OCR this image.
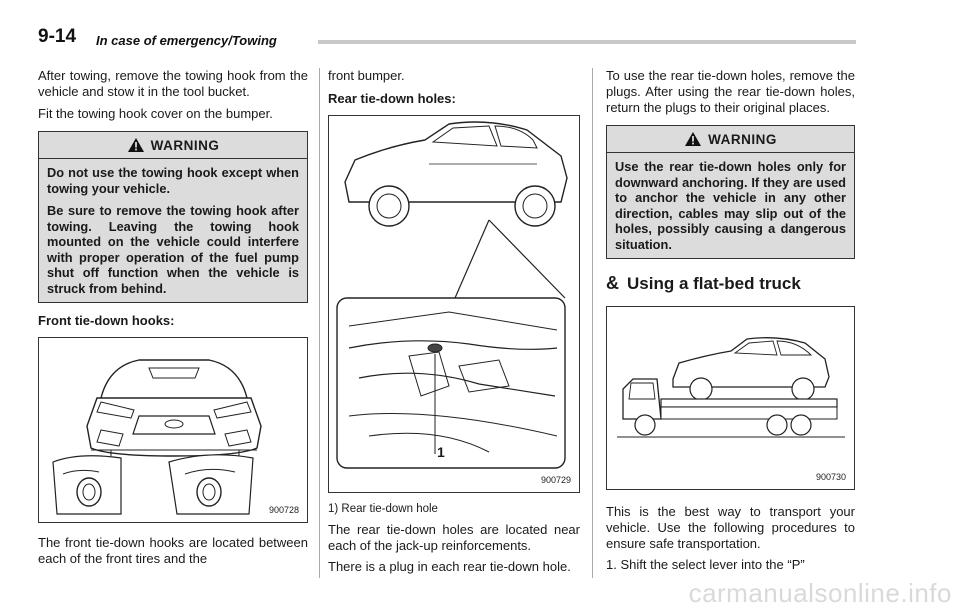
9-14 In case of emergency/Towing

After towing, remove the towing hook from the vehicle and stow it in the tool bucket.

Fit the towing hook cover on the bumper.

WARNING

Do not use the towing hook except when towing your vehicle.

Be sure to remove the towing hook after towing. Leaving the towing hook mounted on the vehicle could interfere with proper operation of the fuel pump shut off function when the vehicle is struck from behind.

Front tie-down hooks:

900728

The front tie-down hooks are located between each of the front tires and the

front bumper.

Rear tie-down holes:

1
900729

1) Rear tie-down hole

The rear tie-down holes are located near each of the jack-up reinforcements.

There is a plug in each rear tie-down hole.

To use the rear tie-down holes, remove the plugs. After using the rear tie-down holes, return the plugs to their original places.

WARNING

Use the rear tie-down holes only for downward anchoring. If they are used to anchor the vehicle in any other direction, cables may slip out of the holes, possibly causing a dangerous situation.

& Using a flat-bed truck
900730

This is the best way to transport your vehicle. Use the following procedures to ensure safe transportation.

1. Shift the select lever into the “P”

carmanualsonline.info
